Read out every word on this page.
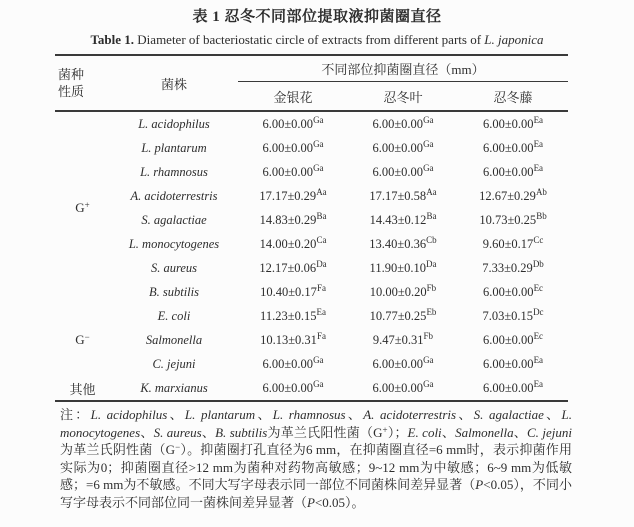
表 1 忍冬不同部位提取液抑菌圈直径
Table 1. Diameter of bacteriostatic circle of extracts from different parts of L. japonica
菌种
性质	菌株	不同部位抑菌圈直径（mm）		
		金银花	忍冬叶	忍冬藤
G+	L. acidophilus	$6.00\pm 0.00^{Ga}$	$6.00\pm 0.00^{Ga}$	$6.00\pm 0.00^{Ea}$
	L. plantarum	$6.00\pm 0.00^{Ga}$	$6.00\pm 0.00^{Ga}$	$6.00\pm 0.00^{Ea}$
	L. rhamnosus	$6.00\pm 0.00^{Ga}$	$6.00\pm 0.00^{Ga}$	$6.00\pm 0.00^{Ea}$
	A. acidoterrestris	$17.17\pm 0.29^{Aa}$	$17.17\pm 0.58^{Aa}$	$12.67\pm 0.29^{Ab}$
	S. agalactiae	$14.83\pm 0.29^{Ba}$	$14.43\pm 0.12^{Ba}$	$10.73\pm 0.25^{Bb}$
	L. monocytogenes	$14.00\pm 0.20^{Ca}$	$13.40\pm 0.36^{Cb}$	$9.60\pm 0.17^{Cc}$
	S. aureus	$12.17\pm 0.06^{Da}$	$11.90\pm 0.10^{Da}$	$7.33\pm 0.29^{Db}$
	B. subtilis	$10.40\pm 0.17^{Fa}$	$10.00\pm 0.20^{Fb}$	$6.00\pm 0.00^{Ec}$
G−	E. coli	$11.23\pm 0.15^{Ea}$	$10.77\pm 0.25^{Eb}$	$7.03\pm 0.15^{Dc}$
	Salmonella	$10.13\pm 0.31^{Fa}$	$9.47\pm 0.31^{Fb}$	$6.00\pm 0.00^{Ec}$
	C. jejuni	$6.00\pm 0.00^{Ga}$	$6.00\pm 0.00^{Ga}$	$6.00\pm 0.00^{Ea}$
其他	K. marxianus	$6.00\pm 0.00^{Ga}$	$6.00\pm 0.00^{Ga}$	$6.00\pm 0.00^{Ea}$
注：L. acidophilus、L. plantarum、L. rhamnosus、A. acidoterrestris、S. agalactiae、L. monocytogenes、S. aureus、B. subtilis为革兰氏阳性菌（G+）；E. coli、Salmonella、C. jejuni为革兰氏阴性菌（G−）。抑菌圈打孔直径为6 mm，在抑菌圈直径=6 mm时，表示抑菌作用实际为0；抑菌圈直径>12 mm为菌种对药物高敏感；9~12 mm为中敏感；6~9 mm为低敏感；=6 mm为不敏感。不同大写字母表示同一部位不同菌株间差异显著（P<0.05），不同小写字母表示不同部位同一菌株间差异显著（P<0.05）。
